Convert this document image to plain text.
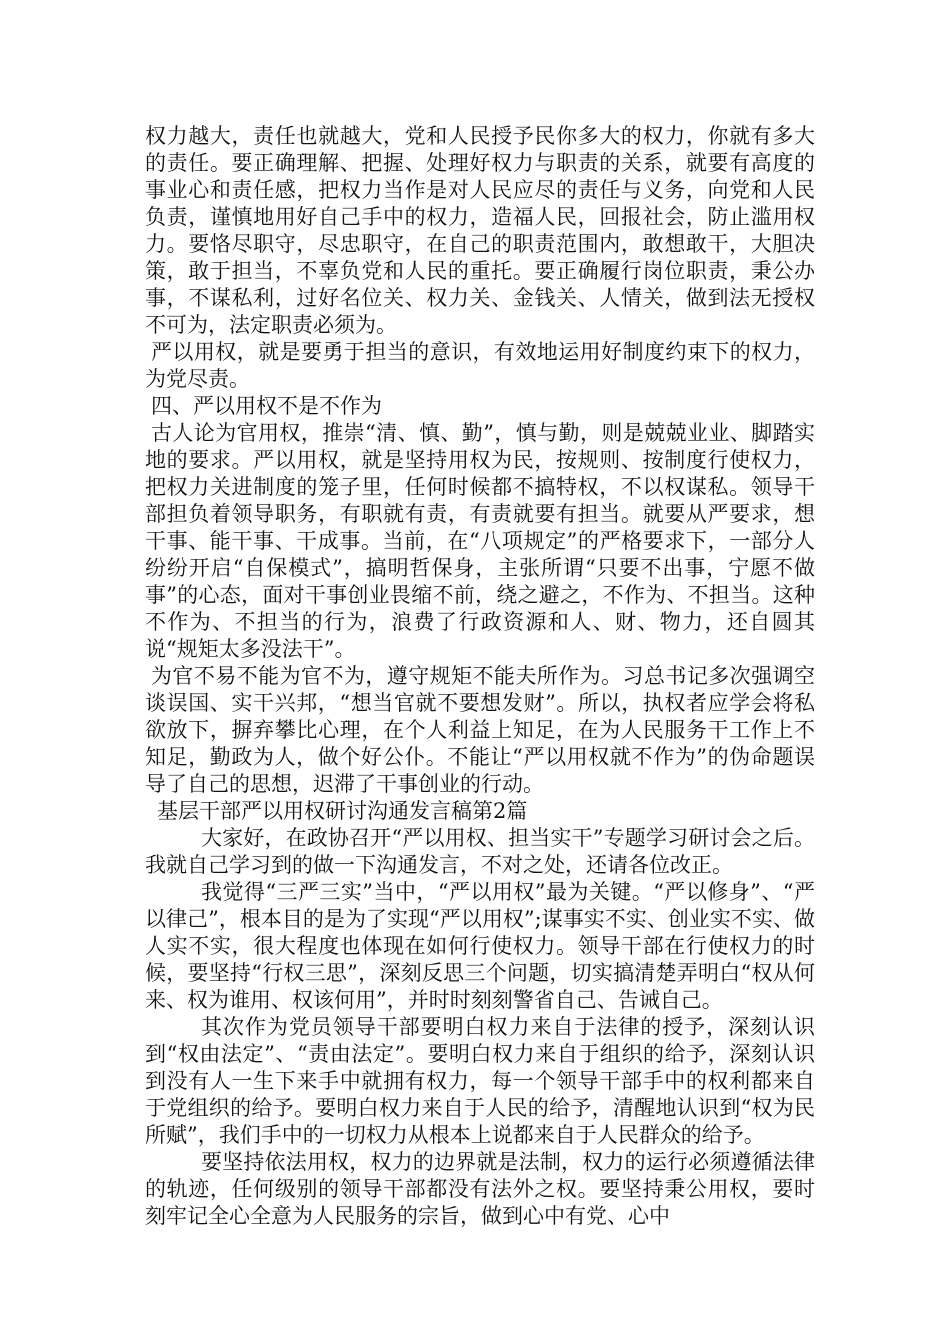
权力越大，责任也就越大，党和人民授予民你多大的权力，你就有多大的责任。要正确理解、把握、处理好权力与职责的关系，就要有高度的事业心和责任感，把权力当作是对人民应尽的责任与义务，向党和人民负责，谨慎地用好自己手中的权力，造福人民，回报社会，防止滥用权力。要恪尽职守，尽忠职守，在自己的职责范围内，敢想敢干，大胆决策，敢于担当，不辜负党和人民的重托。要正确履行岗位职责，秉公办事，不谋私利，过好名位关、权力关、金钱关、人情关，做到法无授权不可为，法定职责必须为。

严以用权，就是要勇于担当的意识，有效地运用好制度约束下的权力，为党尽责。

四、严以用权不是不作为

古人论为官用权，推崇“清、慎、勤”，慎与勤，则是兢兢业业、脚踏实地的要求。严以用权，就是坚持用权为民，按规则、按制度行使权力，把权力关进制度的笼子里，任何时候都不搞特权，不以权谋私。领导干部担负着领导职务，有职就有责，有责就要有担当。就要从严要求，想干事、能干事、干成事。当前，在“八项规定”的严格要求下，一部分人纷纷开启“自保模式”，搞明哲保身，主张所谓“只要不出事，宁愿不做事”的心态，面对干事创业畏缩不前，绕之避之，不作为、不担当。这种不作为、不担当的行为，浪费了行政资源和人、财、物力，还自圆其说“规矩太多没法干”。

为官不易不能为官不为，遵守规矩不能夫所作为。习总书记多次强调空谈误国、实干兴邦，“想当官就不要想发财”。所以，执权者应学会将私欲放下，摒弃攀比心理，在个人利益上知足，在为人民服务干工作上不知足，勤政为人，做个好公仆。不能让“严以用权就不作为”的伪命题误导了自己的思想，迟滞了干事创业的行动。

基层干部严以用权研讨沟通发言稿第2篇

大家好，在政协召开“严以用权、担当实干”专题学习研讨会之后。我就自己学习到的做一下沟通发言，不对之处，还请各位改正。

我觉得“三严三实”当中，“严以用权”最为关键。“严以修身”、“严以律己”，根本目的是为了实现“严以用权”;谋事实不实、创业实不实、做人实不实，很大程度也体现在如何行使权力。领导干部在行使权力的时候，要坚持“行权三思”，深刻反思三个问题，切实搞清楚弄明白“权从何来、权为谁用、权该何用”，并时时刻刻警省自己、告诫自己。

其次作为党员领导干部要明白权力来自于法律的授予，深刻认识到“权由法定”、“责由法定”。要明白权力来自于组织的给予，深刻认识到没有人一生下来手中就拥有权力，每一个领导干部手中的权利都来自于党组织的给予。要明白权力来自于人民的给予，清醒地认识到“权为民所赋”，我们手中的一切权力从根本上说都来自于人民群众的给予。

要坚持依法用权，权力的边界就是法制，权力的运行必须遵循法律的轨迹，任何级别的领导干部都没有法外之权。要坚持秉公用权，要时刻牢记全心全意为人民服务的宗旨，做到心中有党、心中
